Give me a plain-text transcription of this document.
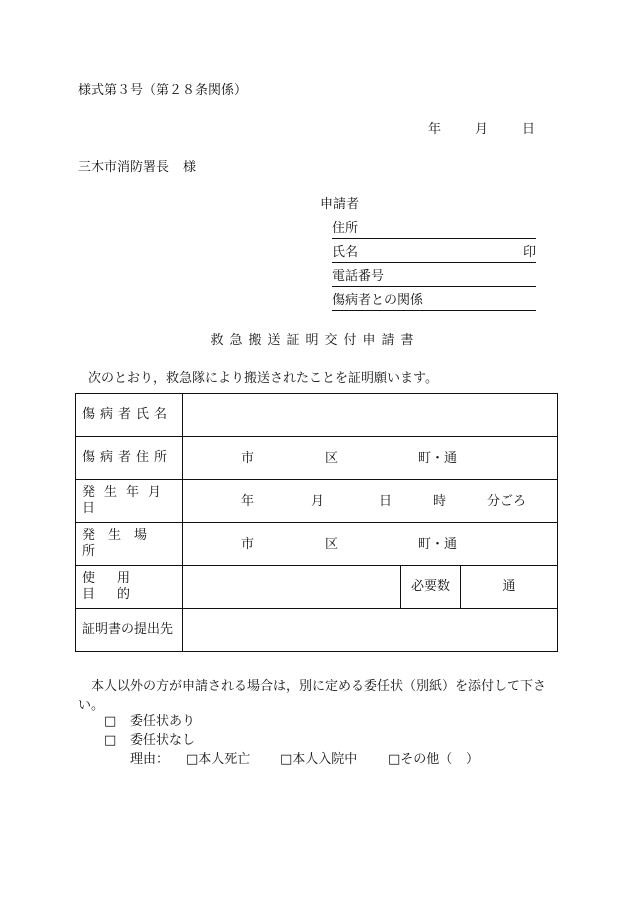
様式第３号（第２８条関係）
年	月	日
三木市消防署長 様
申請者
住所
氏名	印
電話番号
傷病者との関係
救急搬送証明交付申請書
次のとおり，救急隊により搬送されたことを証明願います。
傷病者氏名			

傷病者住所	市 区 町・通		

発生年月日	年 月 日 時 分ごろ		

発生場所	市 区 町・通		

使用目的		必要数	通

証明書の提出先			

本人以外の方が申請される場合は，別に定める委任状（別紙）を添付して下さい。
□ 委任状あり
□ 委任状なし
理由： □本人死亡 □本人入院中 □その他（ ）
